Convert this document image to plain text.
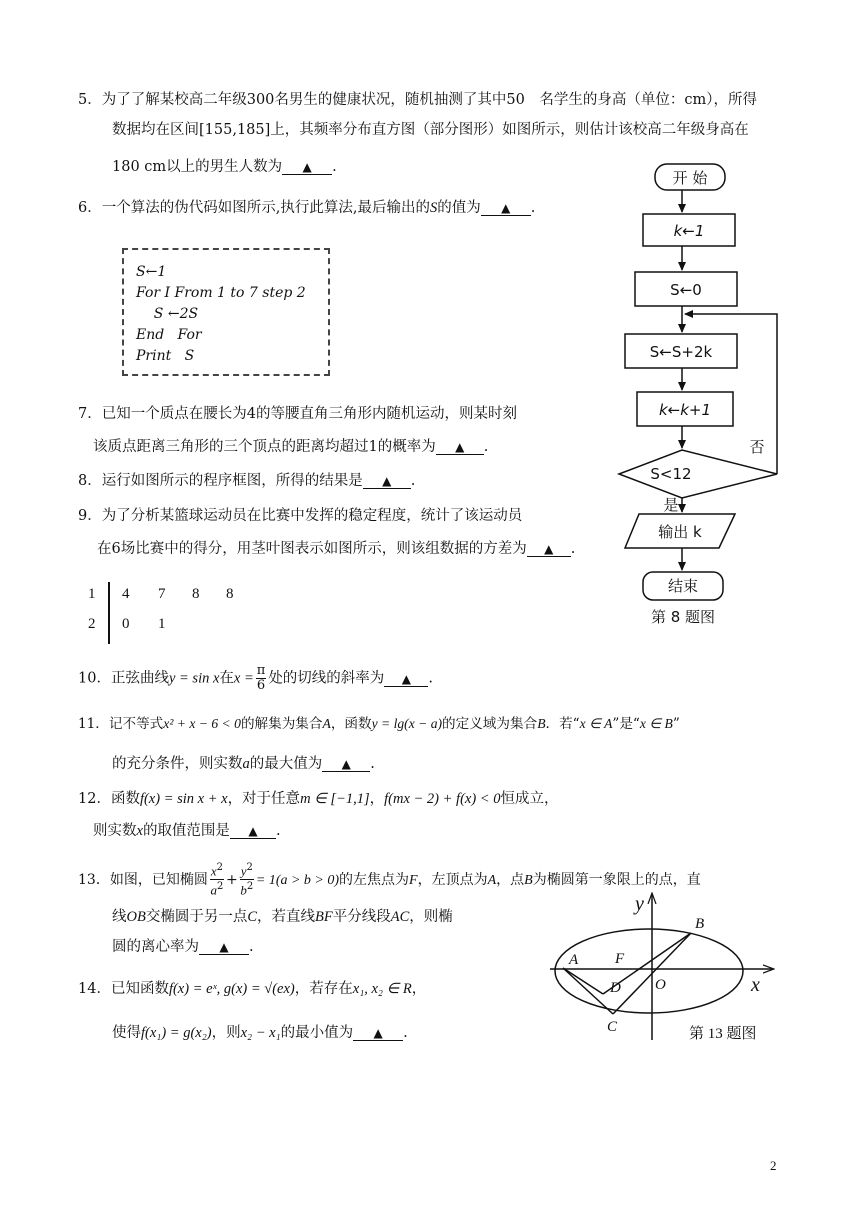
5．为了了解某校高二年级300名男生的健康状况，随机抽测了其中50　名学生的身高（单位：cm），所得
数据均在区间[155,185]上，其频率分布直方图（部分图形）如图所示，则估计该校高二年级身高在
180 cm以上的男生人数为 ▲ .
6．一个算法的伪代码如图所示,执行此算法,最后输出的S的值为 ▲ .
S←1
For I From 1 to 7 step 2
S ←2S
End   For
Print   S
7．已知一个质点在腰长为4的等腰直角三角形内随机运动，则某时刻
该质点距离三角形的三个顶点的距离均超过1的概率为 ▲ .
8．运行如图所示的程序框图，所得的结果是 ▲ .
9．为了分析某篮球运动员在比赛中发挥的稳定程度，统计了该运动员
在6场比赛中的得分，用茎叶图表示如图所示，则该组数据的方差为 ▲ .
1 4 7 8 8
2 0 1
10．正弦曲线y = sin x在$x = \frac{\pi}{6}$ 处的切线的斜率为 ▲ .
11．记不等式x² + x − 6 < 0的解集为集合A，函数y = lg(x − a)的定义域为集合B．若“x ∈ A”是“x ∈ B”
的充分条件，则实数a的最大值为 ▲ .
12．函数f(x) = sin x + x，对于任意m ∈ [−1,1]，f(mx − 2) + f(x) < 0恒成立，
则实数x的取值范围是 ▲ .
13．如图，已知椭圆 $\frac{x^2}{a^2} + \frac{y^2}{b^2} = 1(a > b > 0)$的左焦点为F，左顶点为A，点B为椭圆第一象限上的点，直
线OB交椭圆于另一点C，若直线BF平分线段AC，则椭
圆的离心率为 ▲ .
14．已知函数f(x) = eˣ, g(x) = √(ex)，若存在x₁, x₂ ∈ R，
使得f(x₁) = g(x₂)，则x₂ − x₁的最小值为 ▲ .
开 始
k←1
S←0
S←S+2k
k←k+1
S<12
否
是
输出 k
结束
第 8 题图
y
x
A F
O
B
D
C	第 13 题图
2
